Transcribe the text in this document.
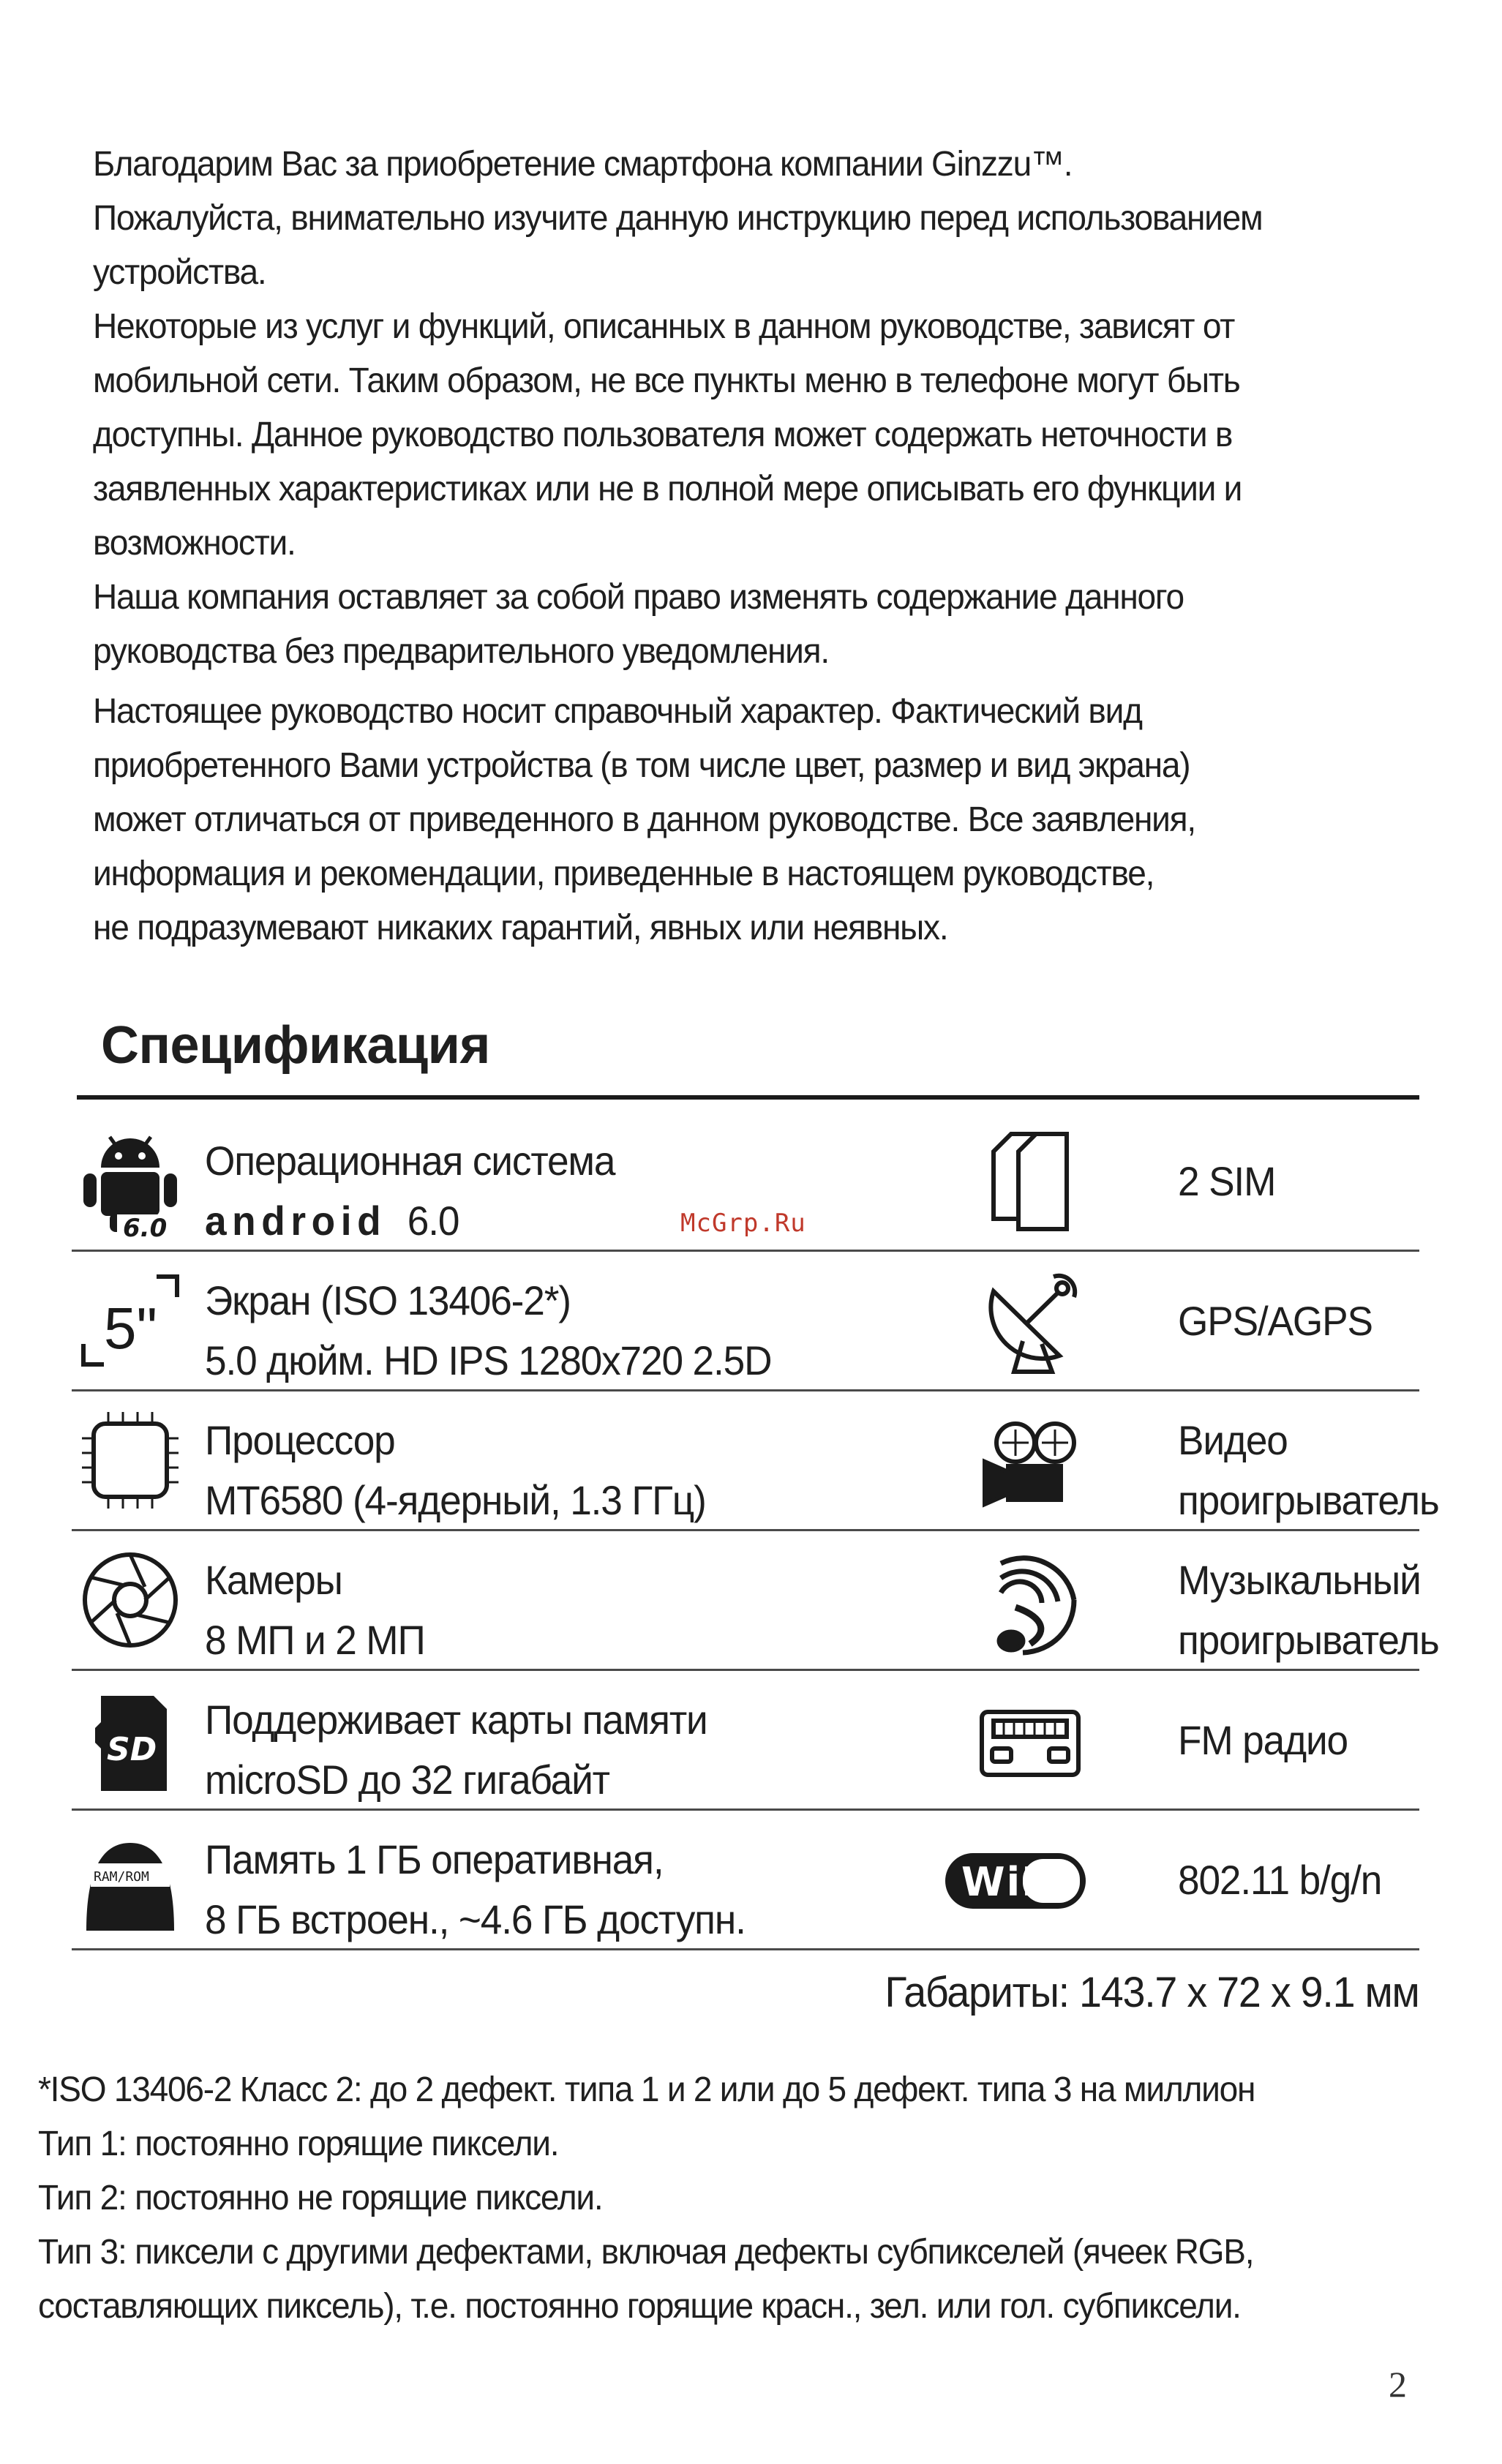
Благодарим Вас за приобретение смартфона компании Ginzzu™.

Пожалуйста, внимательно изучите данную инструкцию перед использованием

устройства.

Некоторые из услуг и функций, описанных в данном руководстве, зависят от

мобильной сети. Таким образом, не все пункты меню в телефоне могут быть

доступны. Данное руководство пользователя может содержать неточности в

заявленных характеристиках или не в полной мере описывать его функции и

возможности.

Наша компания оставляет за собой право изменять содержание данного

руководства без предварительного уведомления.

Настоящее руководство носит справочный характер. Фактический вид

приобретенного Вами устройства (в том числе цвет, размер и вид экрана)

может отличаться от приведенного в данном руководстве. Все заявления,

информация и рекомендации, приведенные в настоящем руководстве,

не подразумевают никаких гарантий, явных или неявных.

Спецификация
6.0
Операционная система
android 6.0
2 SIM
5" Экран (ISO 13406-2*)
5.0 дюйм. HD IPS 1280x720 2.5D
GPS/AGPS
Процессор
MT6580 (4-ядерный, 1.3 ГГц)
Видео
проигрыватель
Камеры
8 МП и 2 МП
Музыкальный
проигрыватель
SD
Поддерживает карты памяти
microSD до 32 гигабайт
FM радио
RAM/ROM Память 1 ГБ оперативная,
8 ГБ встроен., ~4.6 ГБ доступн.
WiFi	802.11 b/g/n
Габариты: 143.7 х 72 х 9.1 мм
McGrp.Ru

*ISO 13406-2 Класс 2: до 2 дефект. типа 1 и 2 или до 5 дефект. типа 3 на миллион

Тип 1: постоянно горящие пиксели.

Тип 2: постоянно не горящие пиксели.

Тип 3: пиксели с другими дефектами, включая дефекты субпикселей (ячеек RGB,

составляющих пиксель), т.е. постоянно горящие красн., зел. или гол. субпиксели.

2
